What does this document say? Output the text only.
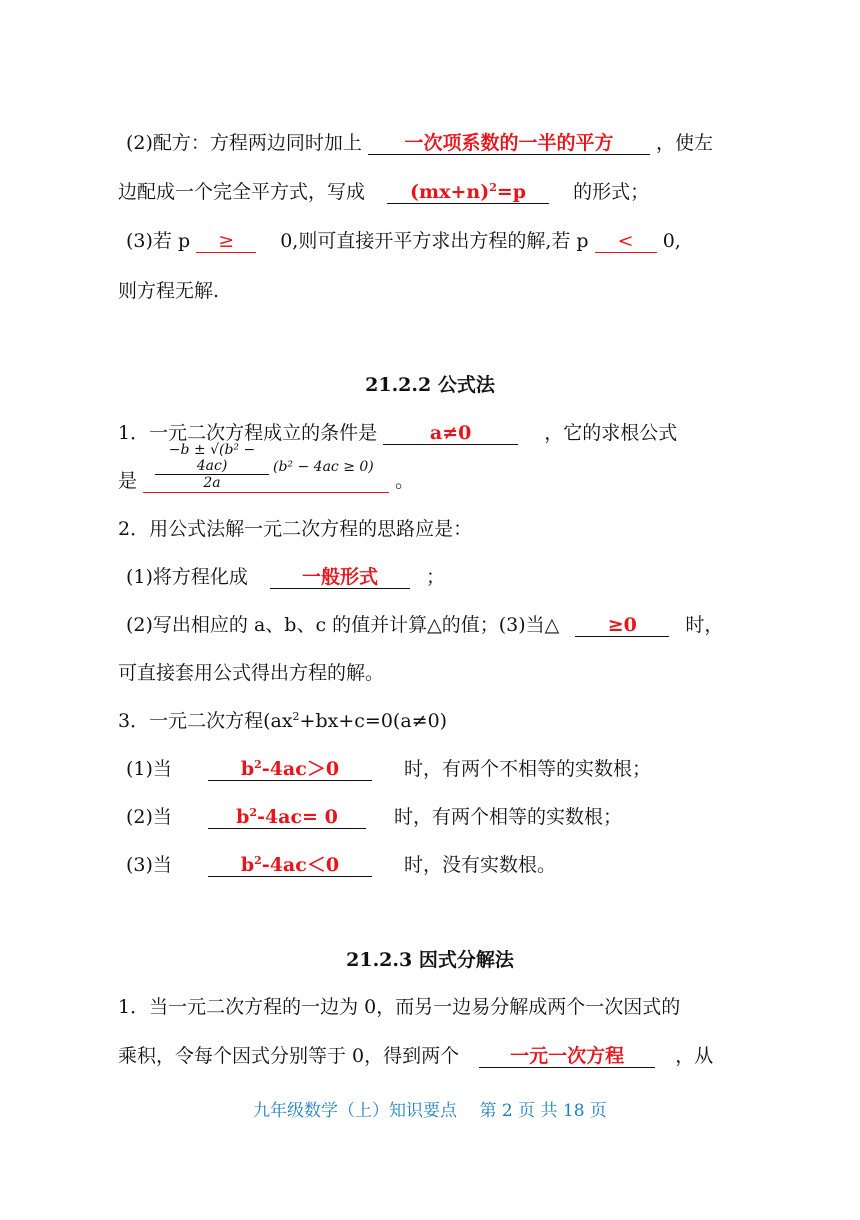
(2)配方：方程两边同时加上 一次项系数的一半的平方 ，使左
边配成一个完全平方式，写成 $(mx+n)^2=p$ 的形式；
(3)若 p ≥ 0,则可直接开平方求出方程的解,若 p < 0,
则方程无解.
21.2.2 公式法
1．一元二次方程成立的条件是	a≠0	，它的求根公式
$\frac{\text{−b ± √(b² − 4ac)}}{2a} (b^2 - 4ac \ge 0)$
是	。
2．用公式法解一元二次方程的思路应是：
(1)将方程化成	一般形式	；
(2)写出相应的 a、b、c 的值并计算△的值；(3)当△	≥0	时，
可直接套用公式得出方程的解。
3．一元二次方程($ax^2+bx+c=0(a\ne 0)$
(1)当	$b^2-4ac>0$	时，有两个不相等的实数根；
(2)当	$b^2-4ac= 0$	时，有两个相等的实数根；
(3)当	$b^2-4ac<0$	时，没有实数根。
21.2.3 因式分解法
1．当一元二次方程的一边为 0，而另一边易分解成两个一次因式的
乘积，令每个因式分别等于 0，得到两个	一元一次方程	，从
九年级数学（上）知识要点　 第 2 页 共 18 页
